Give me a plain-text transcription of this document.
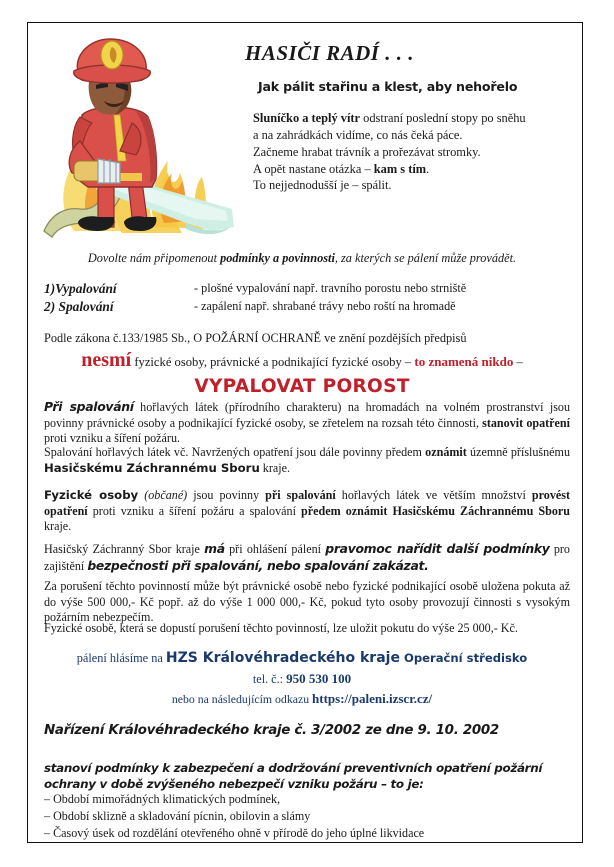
HASIČI RADÍ . . .
Jak pálit stařinu a klest, aby nehořelo
Sluníčko a teplý vítr odstraní poslední stopy po sněhu
a na zahrádkách vidíme, co nás čeká páce.
Začneme hrabat trávník a prořezávat stromky.
A opět nastane otázka – kam s tím.
To nejjednodušší je – spálit.
Dovolte nám připomenout podmínky a povinnosti, za kterých se pálení může provádět.
1)Vypalování	- plošné vypalování např. travního porostu nebo strniště
2) Spalování	- zapálení např. shrabané trávy nebo roští na hromadě
Podle zákona č.133/1985 Sb., O POŽÁRNÍ OCHRANĚ ve znění pozdějších předpisů
nesmí fyzické osoby, právnické a podnikající fyzické osoby – to znamená nikdo –
VYPALOVAT POROST
Při spalování hořlavých látek (přírodního charakteru) na hromadách na volném prostranství jsou povinny právnické osoby a podnikající fyzické osoby, se zřetelem na rozsah této činnosti, stanovit opatření proti vzniku a šíření požáru.
Spalování hořlavých látek vč. Navržených opatření jsou dále povinny předem oznámit územně příslušnému Hasičskému Záchrannému Sboru kraje.
Fyzické osoby (občané) jsou povinny při spalování hořlavých látek ve větším množství provést opatření proti vzniku a šíření požáru a spalování předem oznámit Hasičskému Záchrannému Sboru kraje.
Hasičský Záchranný Sbor kraje má při ohlášení pálení pravomoc nařídit další podmínky pro zajištění bezpečnosti při spalování, nebo spalování zakázat.
Za porušení těchto povinností může být právnické osobě nebo fyzické podnikající osobě uložena pokuta až do výše 500 000,- Kč popř. až do výše 1 000 000,- Kč, pokud tyto osoby provozují činnosti s vysokým požárním nebezpečím.
Fyzické osobě, která se dopustí porušení těchto povinností, lze uložit pokutu do výše 25 000,- Kč.
pálení hlásíme na HZS Královéhradeckého kraje Operační středisko
tel. č.: 950 530 100
nebo na následujícím odkazu https://paleni.izscr.cz/
Nařízení Královéhradeckého kraje č. 3/2002 ze dne 9. 10. 2002
stanoví podmínky k zabezpečení a dodržování preventivních opatření požární ochrany v době zvýšeného nebezpečí vzniku požáru – to je:
– Období mimořádných klimatických podmínek,
– Období sklizně a skladování pícnin, obilovin a slámy
– Časový úsek od rozdělání otevřeného ohně v přírodě do jeho úplné likvidace
